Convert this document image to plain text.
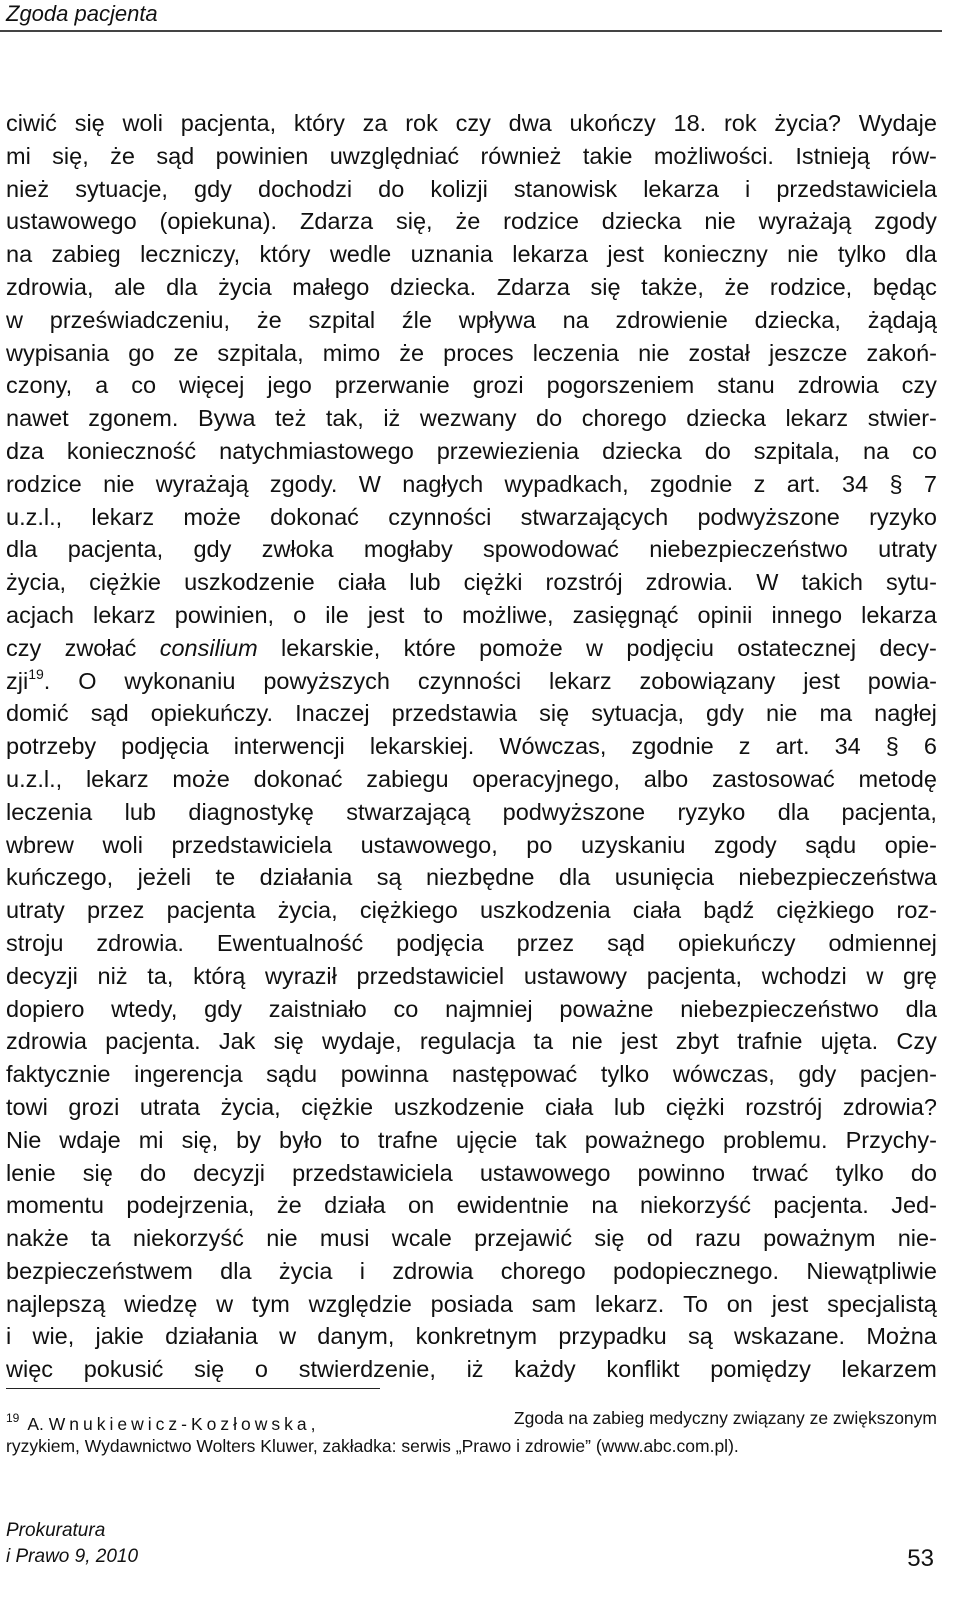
Zgoda pacjenta
ciwić się woli pacjenta, który za rok czy dwa ukończy 18. rok życia? Wydaje
mi się, że sąd powinien uwzględniać również takie możliwości. Istnieją rów-
nież sytuacje, gdy dochodzi do kolizji stanowisk lekarza i przedstawiciela
ustawowego (opiekuna). Zdarza się, że rodzice dziecka nie wyrażają zgody
na zabieg leczniczy, który wedle uznania lekarza jest konieczny nie tylko dla
zdrowia, ale dla życia małego dziecka. Zdarza się także, że rodzice, będąc
w przeświadczeniu, że szpital źle wpływa na zdrowienie dziecka, żądają
wypisania go ze szpitala, mimo że proces leczenia nie został jeszcze zakoń-
czony, a co więcej jego przerwanie grozi pogorszeniem stanu zdrowia czy
nawet zgonem. Bywa też tak, iż wezwany do chorego dziecka lekarz stwier-
dza konieczność natychmiastowego przewiezienia dziecka do szpitala, na co
rodzice nie wyrażają zgody. W nagłych wypadkach, zgodnie z art. 34 § 7
u.z.l., lekarz może dokonać czynności stwarzających podwyższone ryzyko
dla pacjenta, gdy zwłoka mogłaby spowodować niebezpieczeństwo utraty
życia, ciężkie uszkodzenie ciała lub ciężki rozstrój zdrowia. W takich sytu-
acjach lekarz powinien, o ile jest to możliwe, zasięgnąć opinii innego lekarza
czy zwołać consilium lekarskie, które pomoże w podjęciu ostatecznej decy-
zji$^{19}$. O wykonaniu powyższych czynności lekarz zobowiązany jest powia-
domić sąd opiekuńczy. Inaczej przedstawia się sytuacja, gdy nie ma nagłej
potrzeby podjęcia interwencji lekarskiej. Wówczas, zgodnie z art. 34 § 6
u.z.l., lekarz może dokonać zabiegu operacyjnego, albo zastosować metodę
leczenia lub diagnostykę stwarzającą podwyższone ryzyko dla pacjenta,
wbrew woli przedstawiciela ustawowego, po uzyskaniu zgody sądu opie-
kuńczego, jeżeli te działania są niezbędne dla usunięcia niebezpieczeństwa
utraty przez pacjenta życia, ciężkiego uszkodzenia ciała bądź ciężkiego roz-
stroju zdrowia. Ewentualność podjęcia przez sąd opiekuńczy odmiennej
decyzji niż ta, którą wyraził przedstawiciel ustawowy pacjenta, wchodzi w grę
dopiero wtedy, gdy zaistniało co najmniej poważne niebezpieczeństwo dla
zdrowia pacjenta. Jak się wydaje, regulacja ta nie jest zbyt trafnie ujęta. Czy
faktycznie ingerencja sądu powinna następować tylko wówczas, gdy pacjen-
towi grozi utrata życia, ciężkie uszkodzenie ciała lub ciężki rozstrój zdrowia?
Nie wdaje mi się, by było to trafne ujęcie tak poważnego problemu. Przychy-
lenie się do decyzji przedstawiciela ustawowego powinno trwać tylko do
momentu podejrzenia, że działa on ewidentnie na niekorzyść pacjenta. Jed-
nakże ta niekorzyść nie musi wcale przejawić się od razu poważnym nie-
bezpieczeństwem dla życia i zdrowia chorego podopiecznego. Niewątpliwie
najlepszą wiedzę w tym względzie posiada sam lekarz. To on jest specjalistą
i wie, jakie działania w danym, konkretnym przypadku są wskazane. Można
więc pokusić się o stwierdzenie, iż każdy konflikt pomiędzy lekarzem
$^{19}$ A. Wnukiewicz-Kozłowska,	Zgoda na zabieg medyczny związany ze zwiększonym
ryzykiem, Wydawnictwo Wolters Kluwer, zakładka: serwis „Prawo i zdrowie” (www.abc.com.pl).
Prokuratura
i Prawo 9, 2010	53
